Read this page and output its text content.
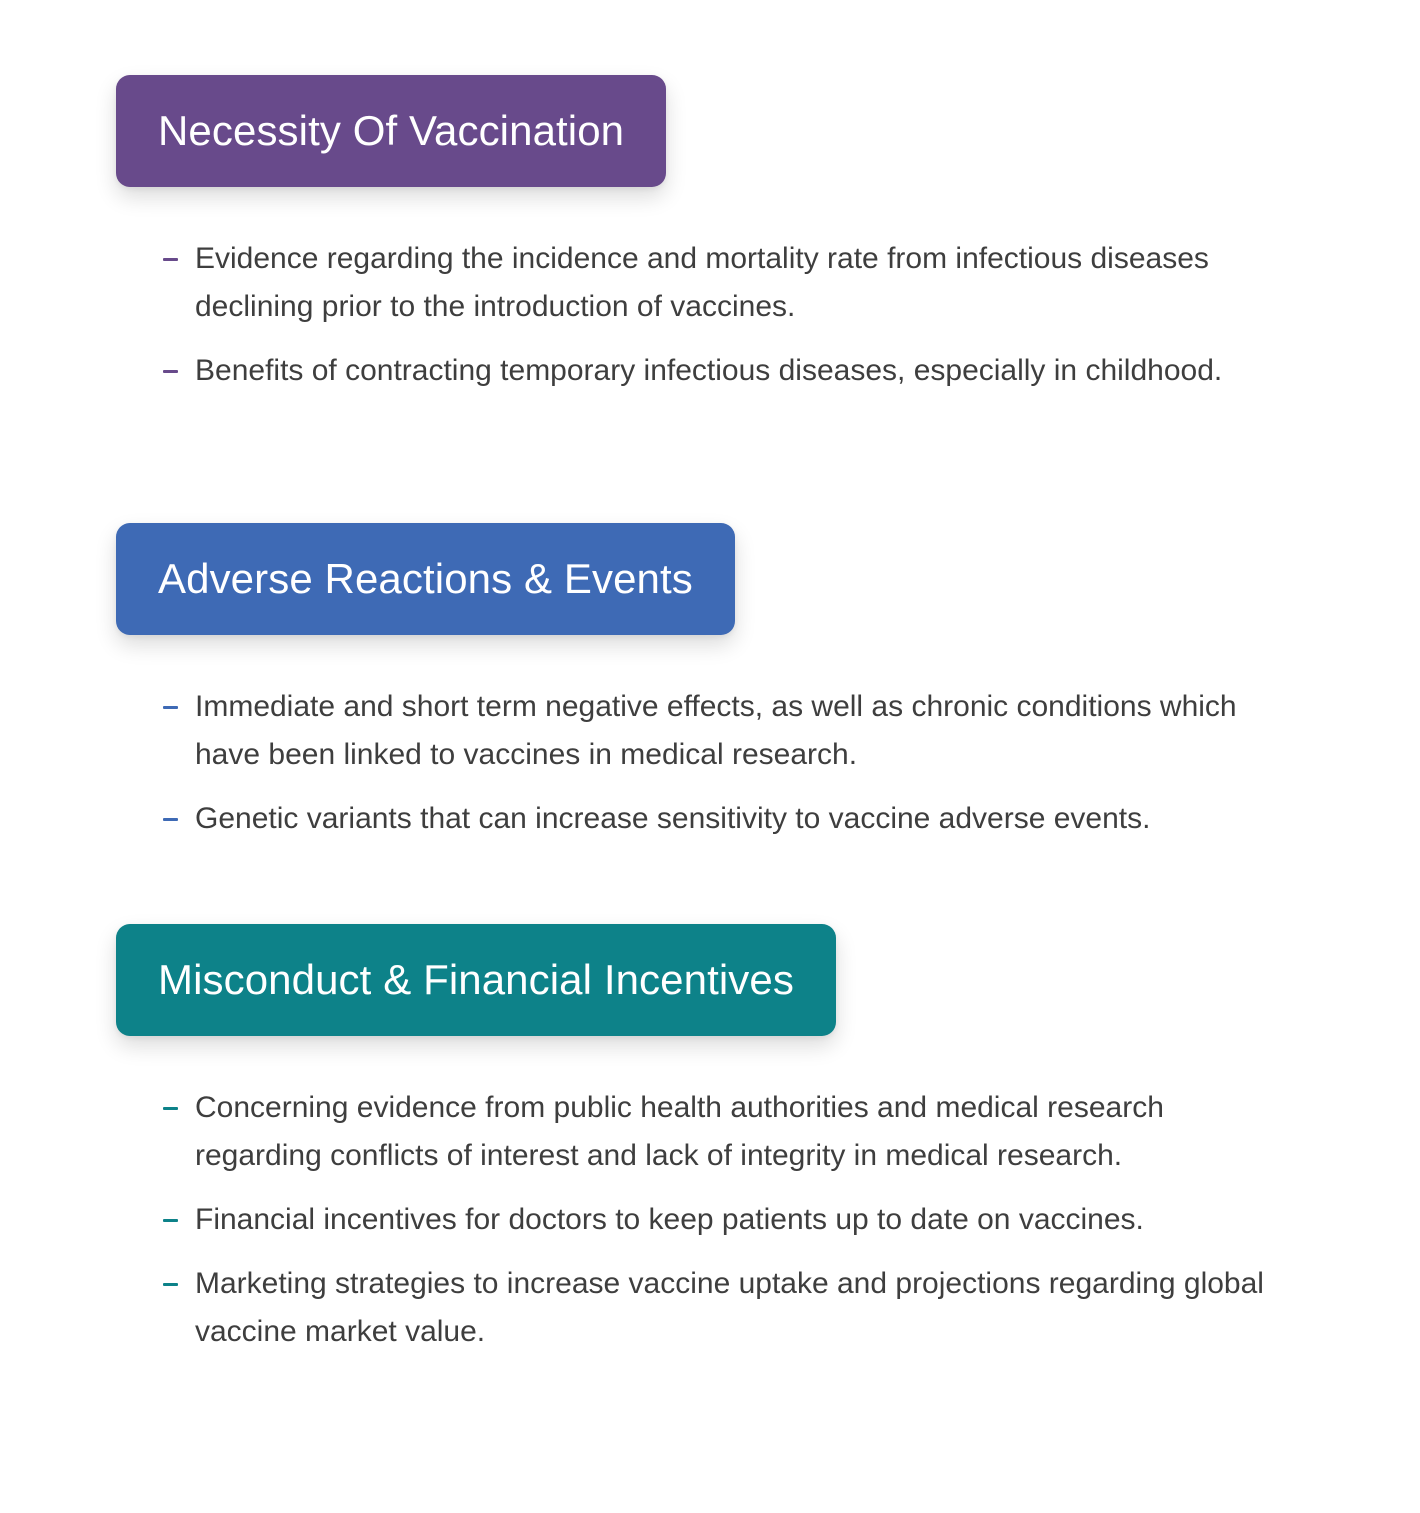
Necessity Of Vaccination
Evidence regarding the incidence and mortality rate from infectious diseases declining prior to the introduction of vaccines.
Benefits of contracting temporary infectious diseases, especially in childhood.
Adverse Reactions & Events
Immediate and short term negative effects, as well as chronic conditions which have been linked to vaccines in medical research.
Genetic variants that can increase sensitivity to vaccine adverse events.
Misconduct & Financial Incentives
Concerning evidence from public health authorities and medical research regarding conflicts of interest and lack of integrity in medical research.
Financial incentives for doctors to keep patients up to date on vaccines.
Marketing strategies to increase vaccine uptake and projections regarding global vaccine market value.
